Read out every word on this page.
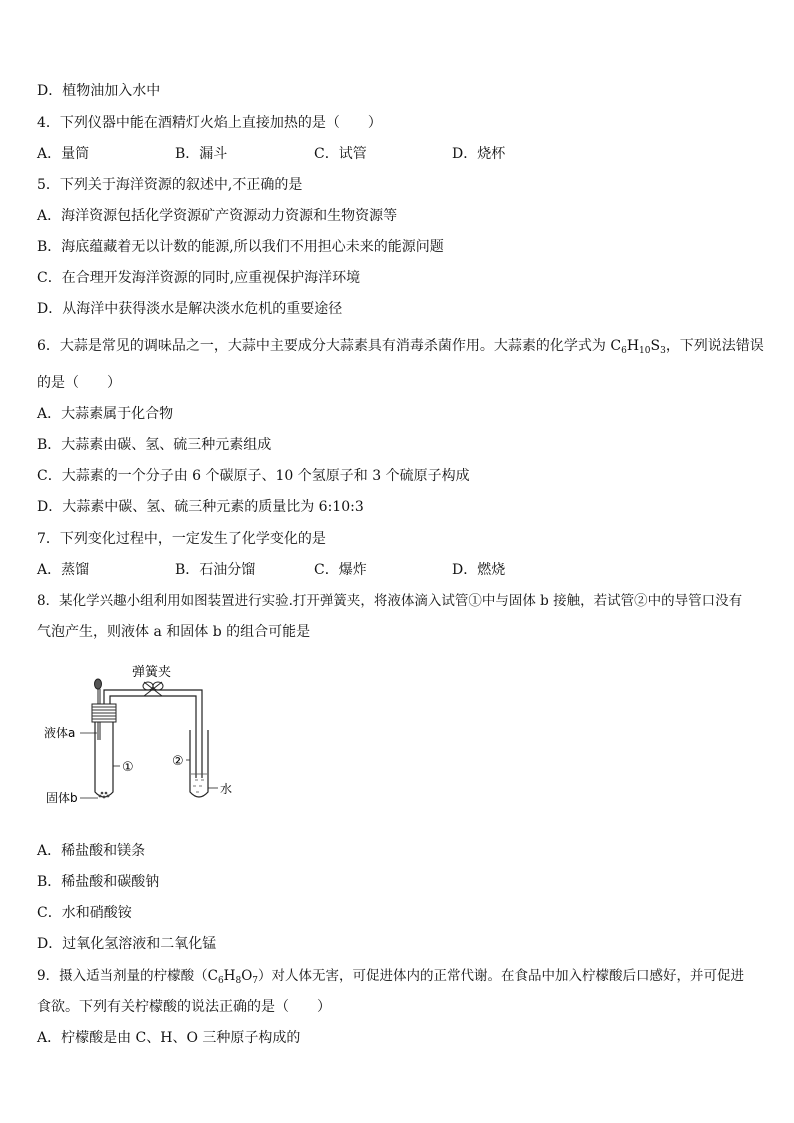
D．植物油加入水中
4．下列仪器中能在酒精灯火焰上直接加热的是（　　）
A．量筒	B．漏斗	C．试管	D．烧杯
5．下列关于海洋资源的叙述中,不正确的是
A．海洋资源包括化学资源矿产资源动力资源和生物资源等
B．海底蕴藏着无以计数的能源,所以我们不用担心未来的能源问题
C．在合理开发海洋资源的同时,应重视保护海洋环境
D．从海洋中获得淡水是解决淡水危机的重要途径
6．大蒜是常见的调味品之一，大蒜中主要成分大蒜素具有消毒杀菌作用。大蒜素的化学式为 $C_6H_{10}S_3$，下列说法错误
的是（　　）
A．大蒜素属于化合物
B．大蒜素由碳、氢、硫三种元素组成
C．大蒜素的一个分子由 6 个碳原子、10 个氢原子和 3 个硫原子构成
D．大蒜素中碳、氢、硫三种元素的质量比为 6:10:3
7．下列变化过程中，一定发生了化学变化的是
A．蒸馏	B．石油分馏	C．爆炸	D．燃烧
8．某化学兴趣小组利用如图装置进行实验.打开弹簧夹，将液体滴入试管①中与固体 b 接触，若试管②中的导管口没有
气泡产生，则液体 a 和固体 b 的组合可能是
弹簧夹
液体a
固体b
①	②
水
A．稀盐酸和镁条
B．稀盐酸和碳酸钠
C．水和硝酸铵
D．过氧化氢溶液和二氧化锰
9．摄入适当剂量的柠檬酸$(C_6H_8O_7)$对人体无害，可促进体内的正常代谢。在食品中加入柠檬酸后口感好，并可促进
食欲。下列有关柠檬酸的说法正确的是（　　）
A．柠檬酸是由 C、H、O 三种原子构成的
